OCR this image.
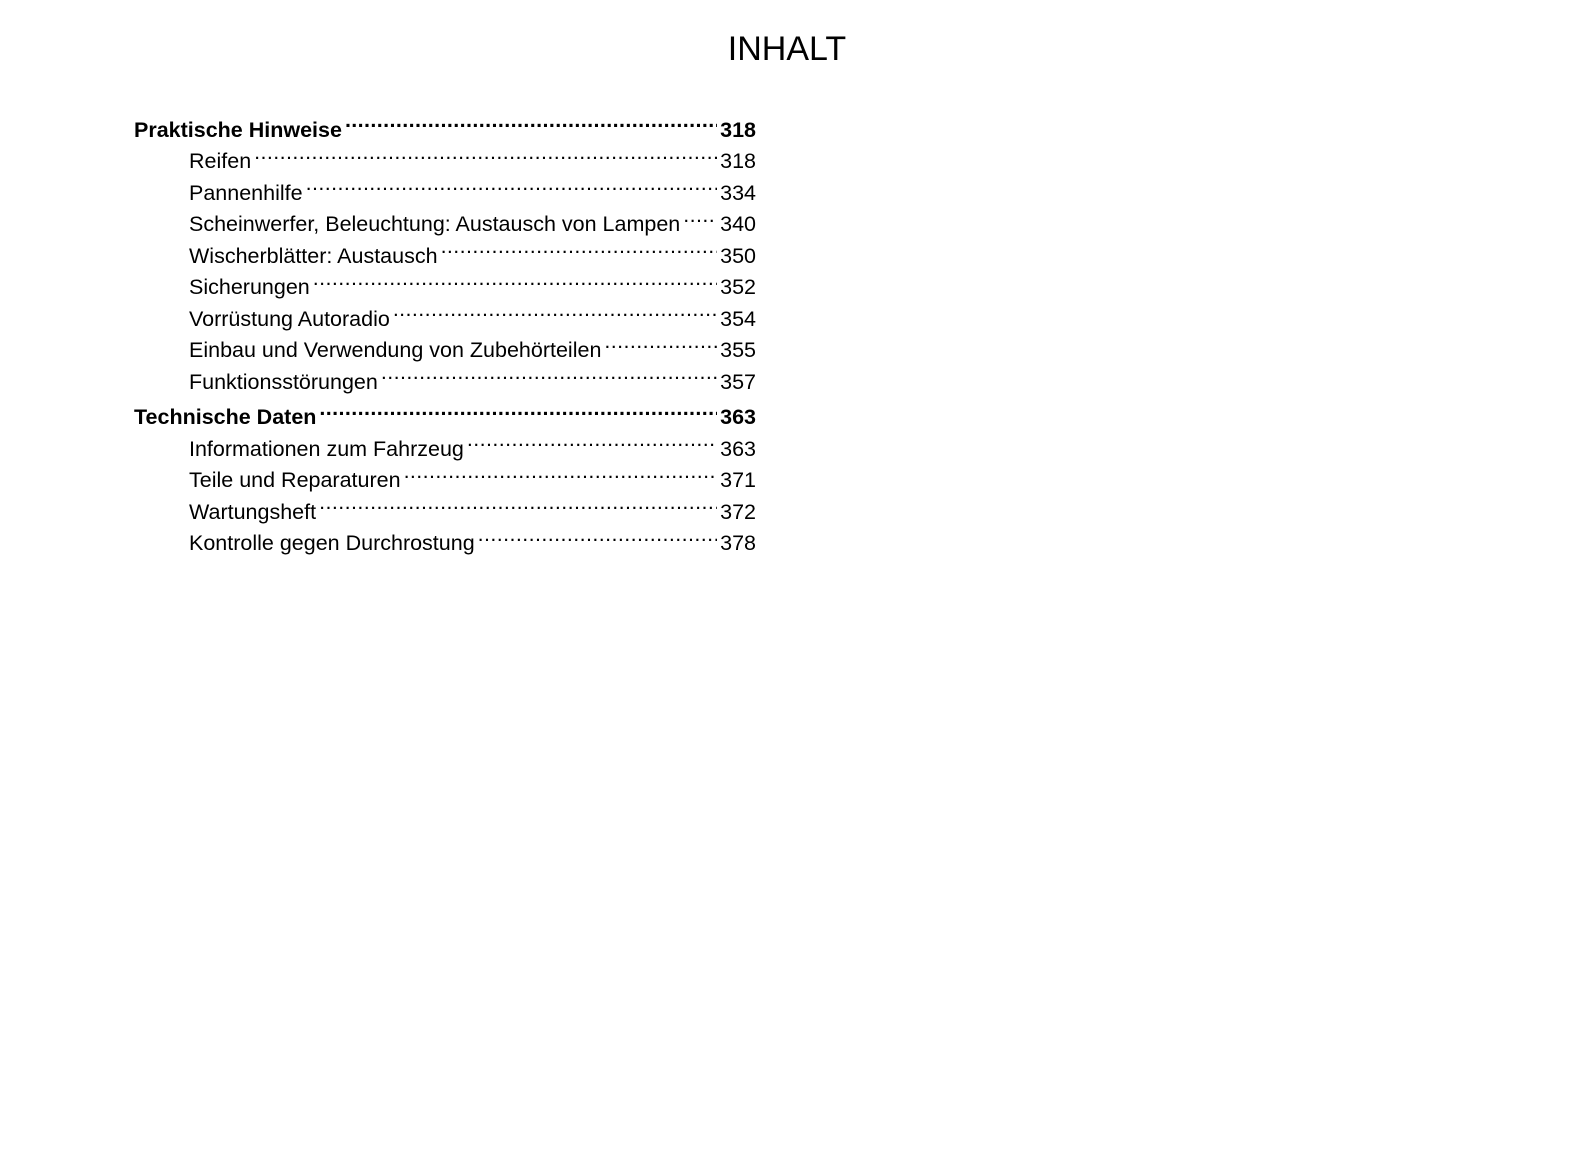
INHALT
Praktische Hinweise .....	318
Reifen .....	318
Pannenhilfe .....	334
Scheinwerfer, Beleuchtung: Austausch von Lampen ..... 340
Wischerblätter: Austausch .....	350
Sicherungen .....	352
Vorrüstung Autoradio .....	354
Einbau und Verwendung von Zubehörteilen .....	355
Funktionsstörungen .....	357
Technische Daten .....	363
Informationen zum Fahrzeug .....	363
Teile und Reparaturen .....	371
Wartungsheft .....	372
Kontrolle gegen Durchrostung .....	378
